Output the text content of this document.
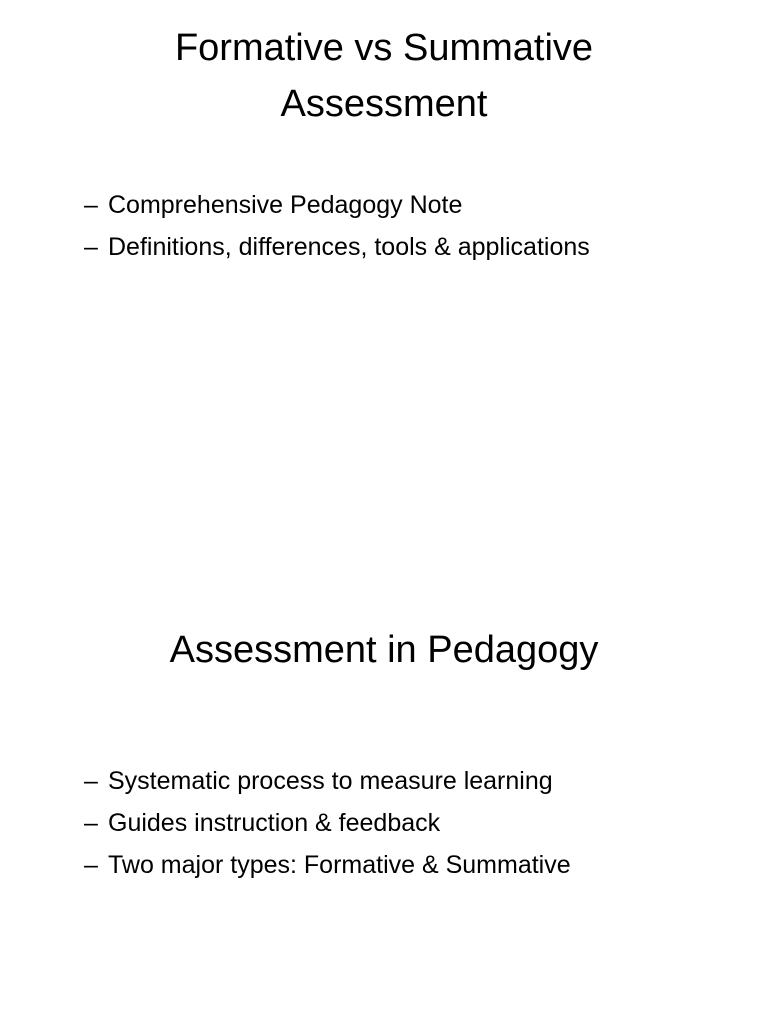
Formative vs Summative
Assessment
– Comprehensive Pedagogy Note
– Definitions, differences, tools & applications
Assessment in Pedagogy
– Systematic process to measure learning
– Guides instruction & feedback
– Two major types: Formative & Summative
